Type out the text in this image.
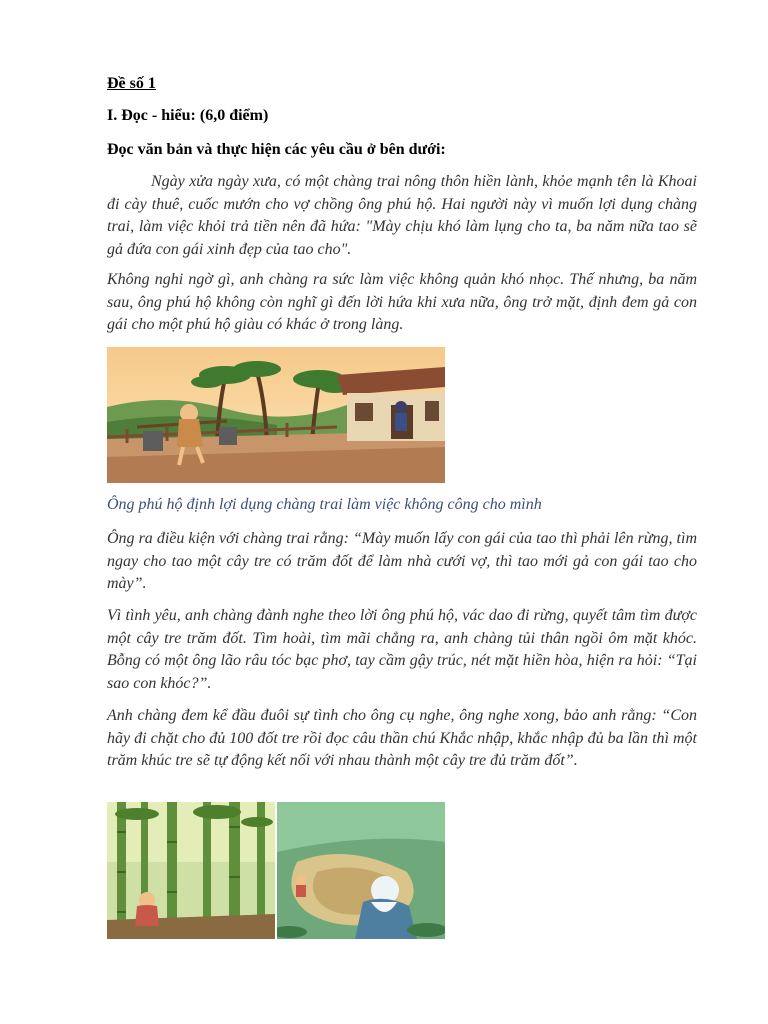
Đề số 1
I. Đọc - hiểu: (6,0 điểm)
Đọc văn bản và thực hiện các yêu cầu ở bên dưới:
Ngày xửa ngày xưa, có một chàng trai nông thôn hiền lành, khỏe mạnh tên là Khoai đi cày thuê, cuốc mướn cho vợ chồng ông phú hộ. Hai người này vì muốn lợi dụng chàng trai, làm việc khỏi trả tiền nên đã hứa: "Mày chịu khó làm lụng cho ta, ba năm nữa tao sẽ gả đứa con gái xinh đẹp của tao cho".
Không nghi ngờ gì, anh chàng ra sức làm việc không quản khó nhọc. Thế nhưng, ba năm sau, ông phú hộ không còn nghĩ gì đến lời hứa khi xưa nữa, ông trở mặt, định đem gả con gái cho một phú hộ giàu có khác ở trong làng.
Ông phú hộ định lợi dụng chàng trai làm việc không công cho mình
Ông ra điều kiện với chàng trai rằng: “Mày muốn lấy con gái của tao thì phải lên rừng, tìm ngay cho tao một cây tre có trăm đốt để làm nhà cưới vợ, thì tao mới gả con gái tao cho mày”.
Vì tình yêu, anh chàng đành nghe theo lời ông phú hộ, vác dao đi rừng, quyết tâm tìm được một cây tre trăm đốt. Tìm hoài, tìm mãi chẳng ra, anh chàng tủi thân ngồi ôm mặt khóc. Bỗng có một ông lão râu tóc bạc phơ, tay cầm gậy trúc, nét mặt hiền hòa, hiện ra hỏi: “Tại sao con khóc?”.
Anh chàng đem kể đầu đuôi sự tình cho ông cụ nghe, ông nghe xong, bảo anh rằng: “Con hãy đi chặt cho đủ 100 đốt tre rồi đọc câu thần chú Khắc nhập, khắc nhập đủ ba lần thì một trăm khúc tre sẽ tự động kết nối với nhau thành một cây tre đủ trăm đốt”.
